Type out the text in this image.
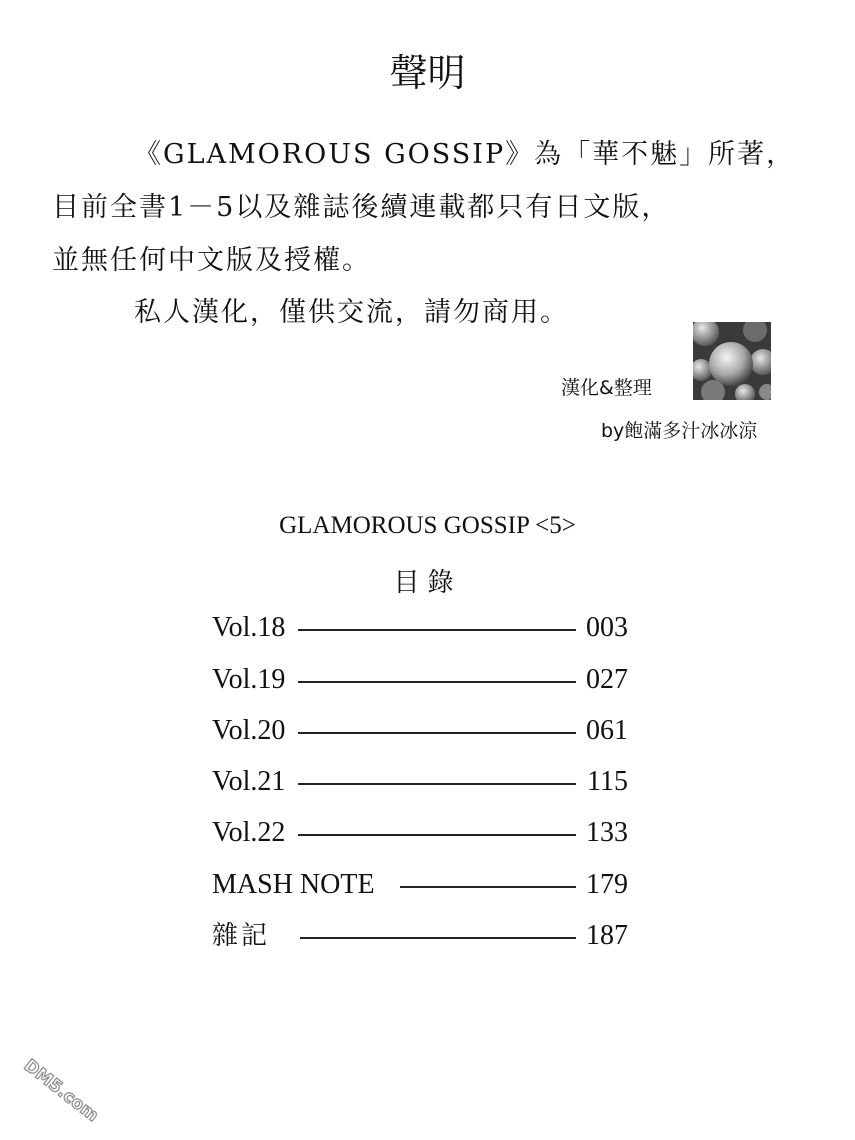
聲明
《GLAMOROUS GOSSIP》為「華不魅」所著，
目前全書1－5以及雜誌後續連載都只有日文版，
並無任何中文版及授權。
私人漢化，僅供交流，請勿商用。
漢化&整理
by飽滿多汁冰冰涼
GLAMOROUS GOSSIP <5>
目錄
Vol.18	003
Vol.19	027
Vol.20	061
Vol.21	115
Vol.22	133
MASH NOTE	179
雜記	187
DM5.com
